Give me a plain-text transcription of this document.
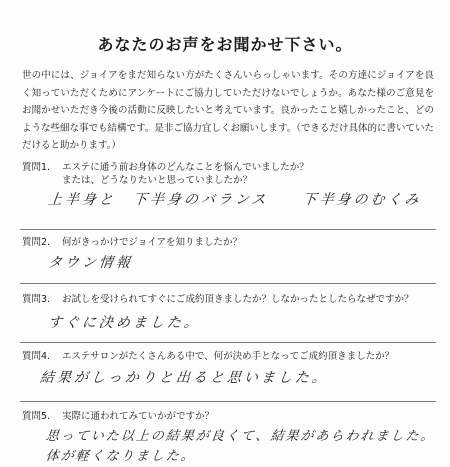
あなたのお声をお聞かせ下さい。
世の中には、ジョイアをまだ知らない方がたくさんいらっしゃいます。その方達にジョイアを良く知っていただくためにアンケートにご協力していただけないでしょうか。あなた様のご意見をお聞かせいただき今後の活動に反映したいと考えています。良かったこと嬉しかったこと、どのような些細な事でも結構です。是非ご協力宜しくお願いします。（できるだけ具体的に書いていただけると助かります。）
質問1. エステに通う前お身体のどんなことを悩んでいましたか？
または、どうなりたいと思っていましたか？
上半身と　下半身のバランス　　下半身のむくみ
質問2. 何がきっかけでジョイアを知りましたか？
タウン情報
質問3. お試しを受けられてすぐにご成約頂きましたか？しなかったとしたらなぜですか？
すぐに決めました。
質問4. エステサロンがたくさんある中で、何が決め手となってご成約頂きましたか？
結果がしっかりと出ると思いました。
質問5. 実際に通われてみていかがですか？
思っていた以上の結果が良くて、結果があらわれました。
体が軽くなりました。
